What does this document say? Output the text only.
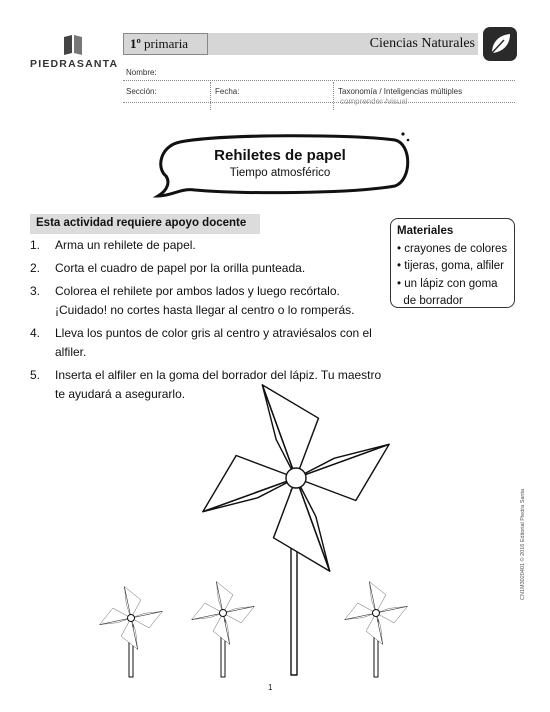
PIEDRASANTA
1º primaria	Ciencias Naturales
Nombre:
Sección:	Fecha:	Taxonomía / Inteligencias múltiples
comprender /visual
Rehiletes de papel
Tiempo atmosférico
Esta actividad requiere apoyo docente
1.	Arma un rehilete de papel.
2.	Corta el cuadro de papel por la orilla punteada.
3.	Colorea el rehilete por ambos lados y luego recórtalo. ¡Cuidado! no cortes hasta llegar al centro o lo romperás.
4.	Lleva los puntos de color gris al centro y atraviésalos con el alfiler.
5.	Inserta el alfiler en la goma del borrador del lápiz. Tu maestro te ayudará a asegurarlo.
Materiales
• crayones de colores
• tijeras, goma, alfiler
• un lápiz con goma
de borrador
1
CN1M3020401 © 2016 Editorial Piedra Santa
